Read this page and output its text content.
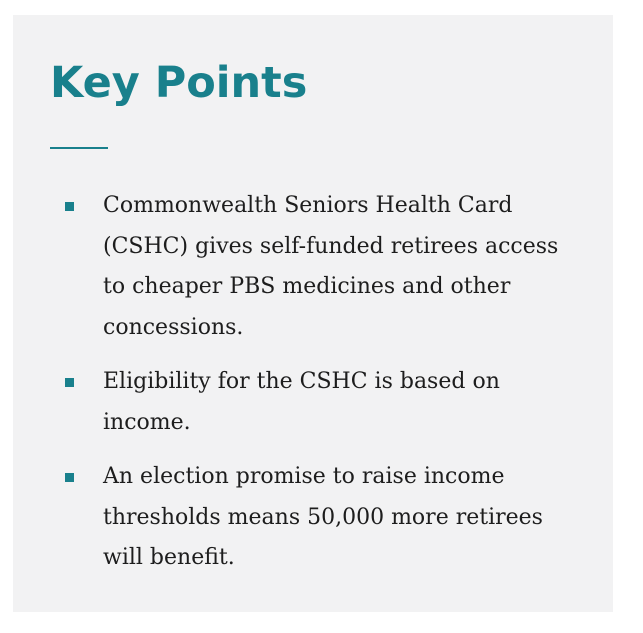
Key Points
Commonwealth Seniors Health Card (CSHC) gives self-funded retirees access to cheaper PBS medicines and other concessions.
Eligibility for the CSHC is based on income.
An election promise to raise income thresholds means 50,000 more retirees will benefit.
